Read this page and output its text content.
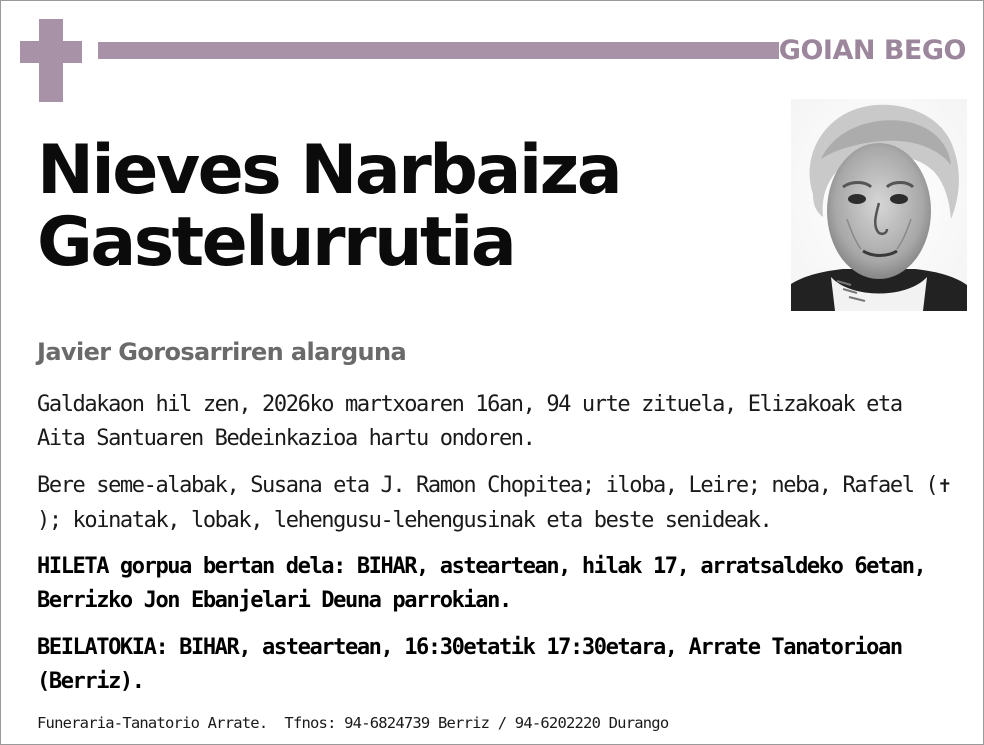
GOIAN BEGO
Nieves Narbaiza
Gastelurrutia
Javier Gorosarriren alarguna

Galdakaon hil zen, 2026ko martxoaren 16an, 94 urte zituela, Elizakoak eta Aita Santuaren Bedeinkazioa hartu ondoren.

Bere seme-alabak, Susana eta J. Ramon Chopitea; iloba, Leire; neba, Rafael (✝); koinatak, lobak, lehengusu-lehengusinak eta beste senideak.

HILETA gorpua bertan dela: BIHAR, asteartean, hilak 17, arratsaldeko 6etan, Berrizko Jon Ebanjelari Deuna parrokian.

BEILATOKIA: BIHAR, asteartean, 16:30etatik 17:30etara, Arrate Tanatorioan (Berriz).

Funeraria-Tanatorio Arrate.  Tfnos: 94-6824739 Berriz / 94-6202220 Durango
